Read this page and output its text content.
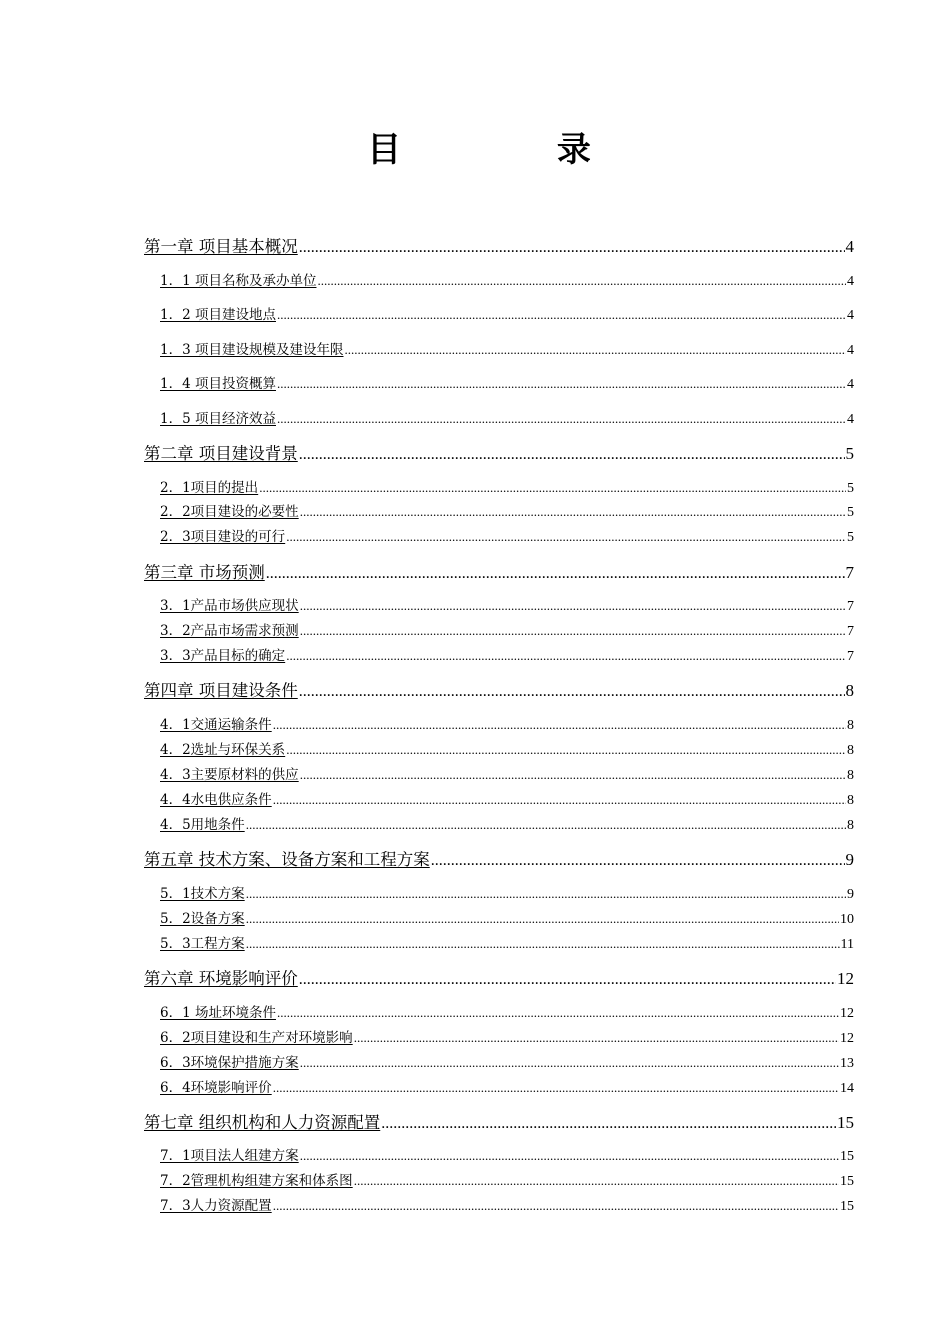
目 录
第一章 项目基本概况 .....	4
1．1 项目名称及承办单位 .....	4
1．2 项目建设地点 .....	4
1．3 项目建设规模及建设年限 .....	4
1．4 项目投资概算 .....	4
1．5 项目经济效益 .....	4
第二章 项目建设背景 .....	5
2．1项目的提出 .....	5
2．2项目建设的必要性 .....	5
2．3项目建设的可行 .....	5
第三章 市场预测 .....	7
3．1产品市场供应现状 .....	7
3．2产品市场需求预测 .....	7
3．3产品目标的确定 .....	7
第四章 项目建设条件 .....	8
4．1交通运输条件 .....	8
4．2选址与环保关系 .....	8
4．3主要原材料的供应 .....	8
4．4水电供应条件 .....	8
4．5用地条件 .....	8
第五章 技术方案、设备方案和工程方案 .....	9
5．1技术方案 .....	9
5．2设备方案 .....	10
5．3工程方案 .....	11
第六章 环境影响评价 .....	12
6．1 场址环境条件 .....	12
6．2项目建设和生产对环境影响 .....	12
6．3环境保护措施方案 .....	13
6．4环境影响评价 .....	14
第七章 组织机构和人力资源配置 .....	15
7．1项目法人组建方案 .....	15
7．2管理机构组建方案和体系图 .....	15
7．3人力资源配置 .....	15
